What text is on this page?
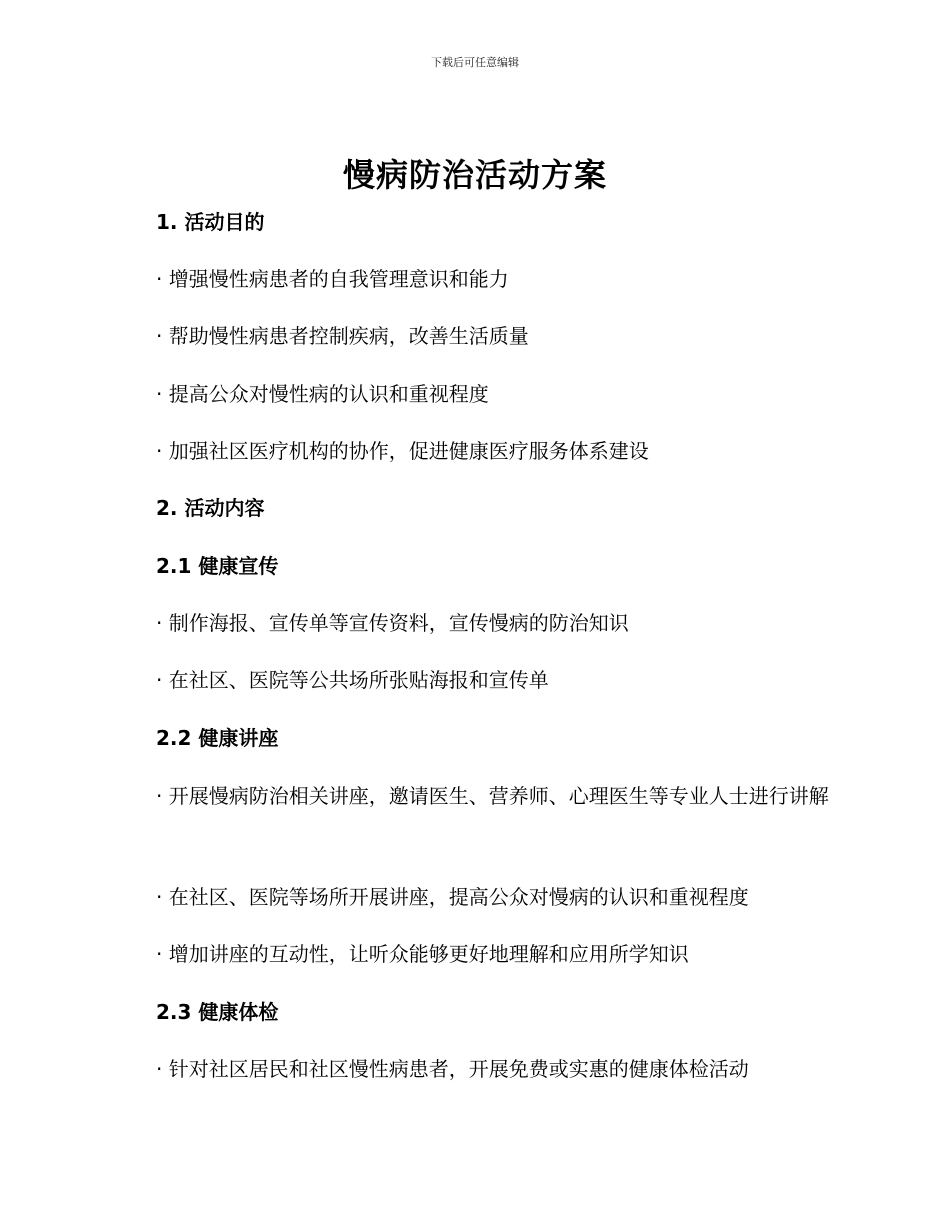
下载后可任意编辑
慢病防治活动方案
1. 活动目的
· 增强慢性病患者的自我管理意识和能力
· 帮助慢性病患者控制疾病，改善生活质量
· 提高公众对慢性病的认识和重视程度
· 加强社区医疗机构的协作，促进健康医疗服务体系建设
2. 活动内容
2.1 健康宣传
· 制作海报、宣传单等宣传资料，宣传慢病的防治知识
· 在社区、医院等公共场所张贴海报和宣传单
2.2 健康讲座
· 开展慢病防治相关讲座，邀请医生、营养师、心理医生等专业人士进行讲解
· 在社区、医院等场所开展讲座，提高公众对慢病的认识和重视程度
· 增加讲座的互动性，让听众能够更好地理解和应用所学知识
2.3 健康体检
· 针对社区居民和社区慢性病患者，开展免费或实惠的健康体检活动
